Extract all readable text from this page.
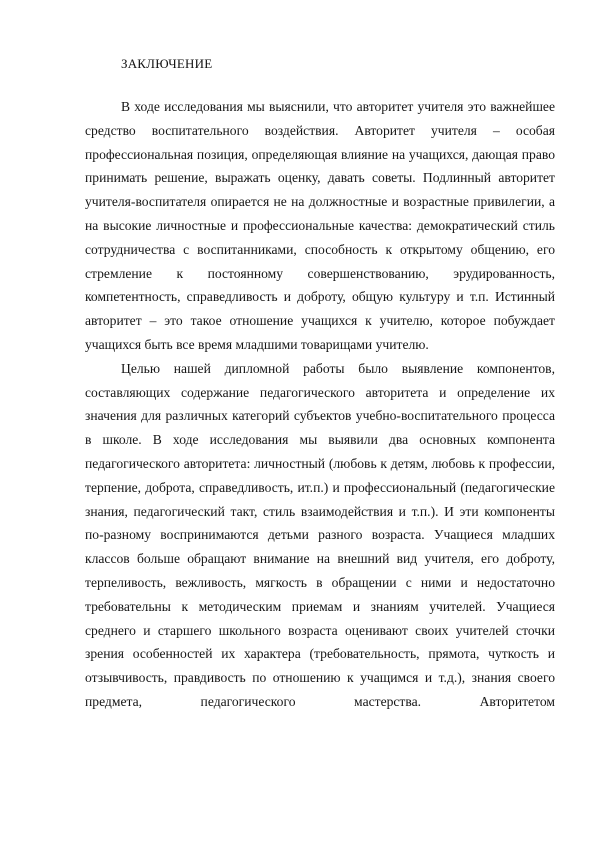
ЗАКЛЮЧЕНИЕ

В ходе исследования мы выяснили, что авторитет учителя это важнейшее средство воспитательного воздействия. Авторитет учителя – особая профессиональная позиция, определяющая влияние на учащихся, дающая право принимать решение, выражать оценку, давать советы. Подлинный авторитет учителя-воспитателя опирается не на должностные и возрастные привилегии, а на высокие личностные и профессиональные качества: демократический стиль сотрудничества с воспитанниками, способность к открытому общению, его стремление к постоянному совершенствованию, эрудированность, компетентность, справедливость и доброту, общую культуру и т.п. Истинный авторитет – это такое отношение учащихся к учителю, которое побуждает учащихся быть все время младшими товарищами учителю.

Целью нашей дипломной работы было выявление компонентов, составляющих содержание педагогического авторитета и определение их значения для различных категорий субъектов учебно-воспитательного процесса в школе. В ходе исследования мы выявили два основных компонента педагогического авторитета: личностный (любовь к детям, любовь к профессии, терпение, доброта, справедливость, ит.п.) и профессиональный (педагогические знания, педагогический такт, стиль взаимодействия и т.п.). И эти компоненты по-разному воспринимаются детьми разного возраста. Учащиеся младших классов больше обращают внимание на внешний вид учителя, его доброту, терпеливость, вежливость, мягкость в обращении с ними и недостаточно требовательны к методическим приемам и знаниям учителей. Учащиеся среднего и старшего школьного возраста оценивают своих учителей сточки зрения особенностей их характера (требовательность, прямота, чуткость и отзывчивость, правдивость по отношению к учащимся и т.д.), знания своего предмета, педагогического мастерства. Авторитетом
